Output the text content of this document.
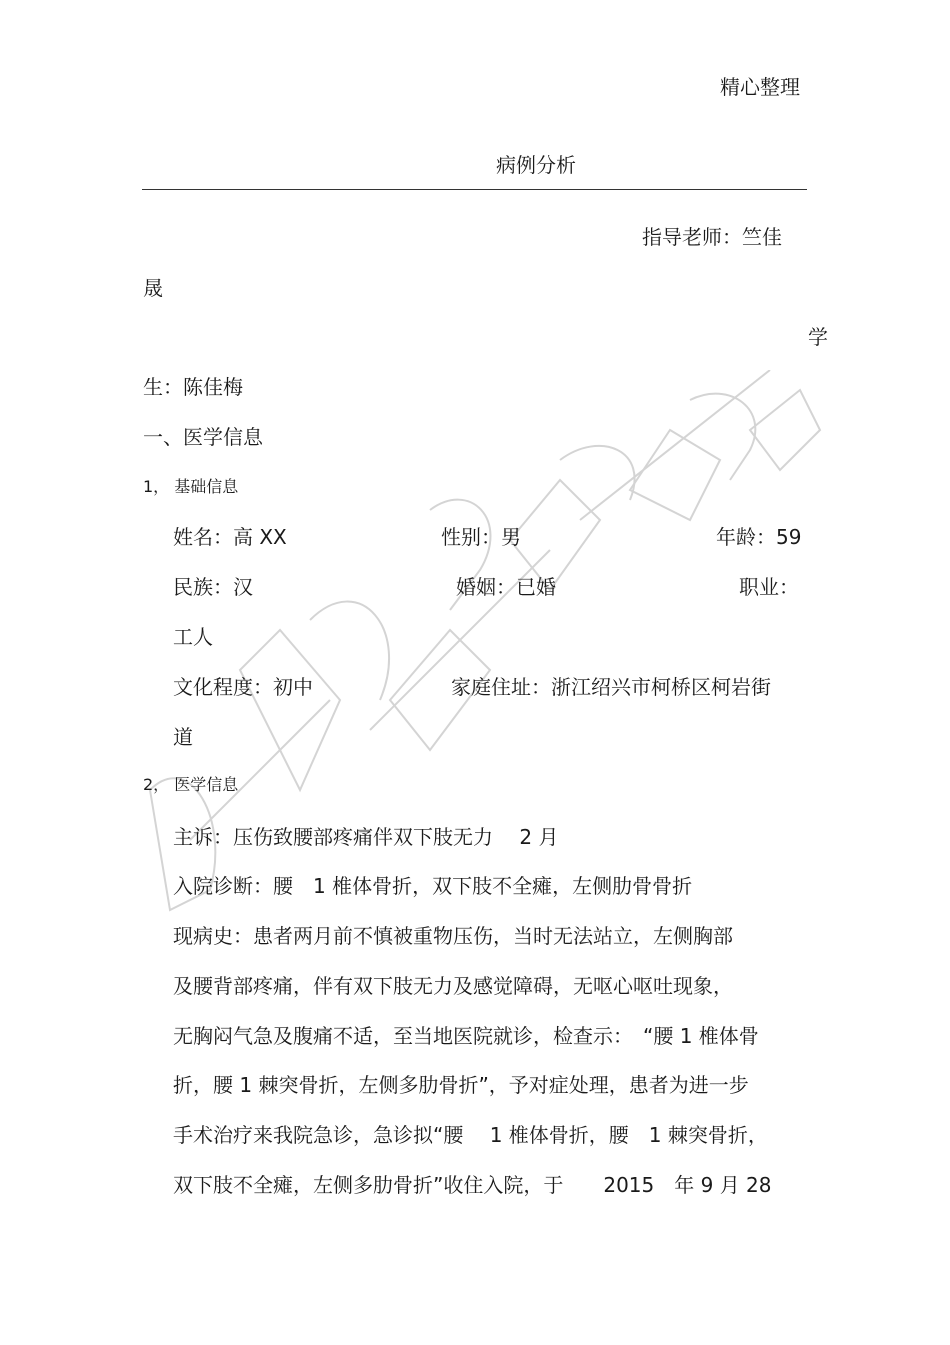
精心整理
病例分析
指导老师：竺佳
晟
学
生：陈佳梅
一、医学信息
1， 基础信息
姓名：高 XX	性别：男	年龄：59
民族：汉	婚姻：已婚	职业：
工人
文化程度：初中	家庭住址：浙江绍兴市柯桥区柯岩街
道
2， 医学信息
主诉：压伤致腰部疼痛伴双下肢无力　 2 月
入院诊断：腰　1 椎体骨折，双下肢不全瘫，左侧肋骨骨折
现病史：患者两月前不慎被重物压伤，当时无法站立，左侧胸部
及腰背部疼痛，伴有双下肢无力及感觉障碍，无呕心呕吐现象，
无胸闷气急及腹痛不适，至当地医院就诊，检查示：　“腰 1 椎体骨
折，腰 1 棘突骨折，左侧多肋骨折”，予对症处理，患者为进一步
手术治疗来我院急诊，急诊拟“腰　 1 椎体骨折，腰　1 棘突骨折，
双下肢不全瘫，左侧多肋骨折”收住入院，于　　2015　年 9 月 28
